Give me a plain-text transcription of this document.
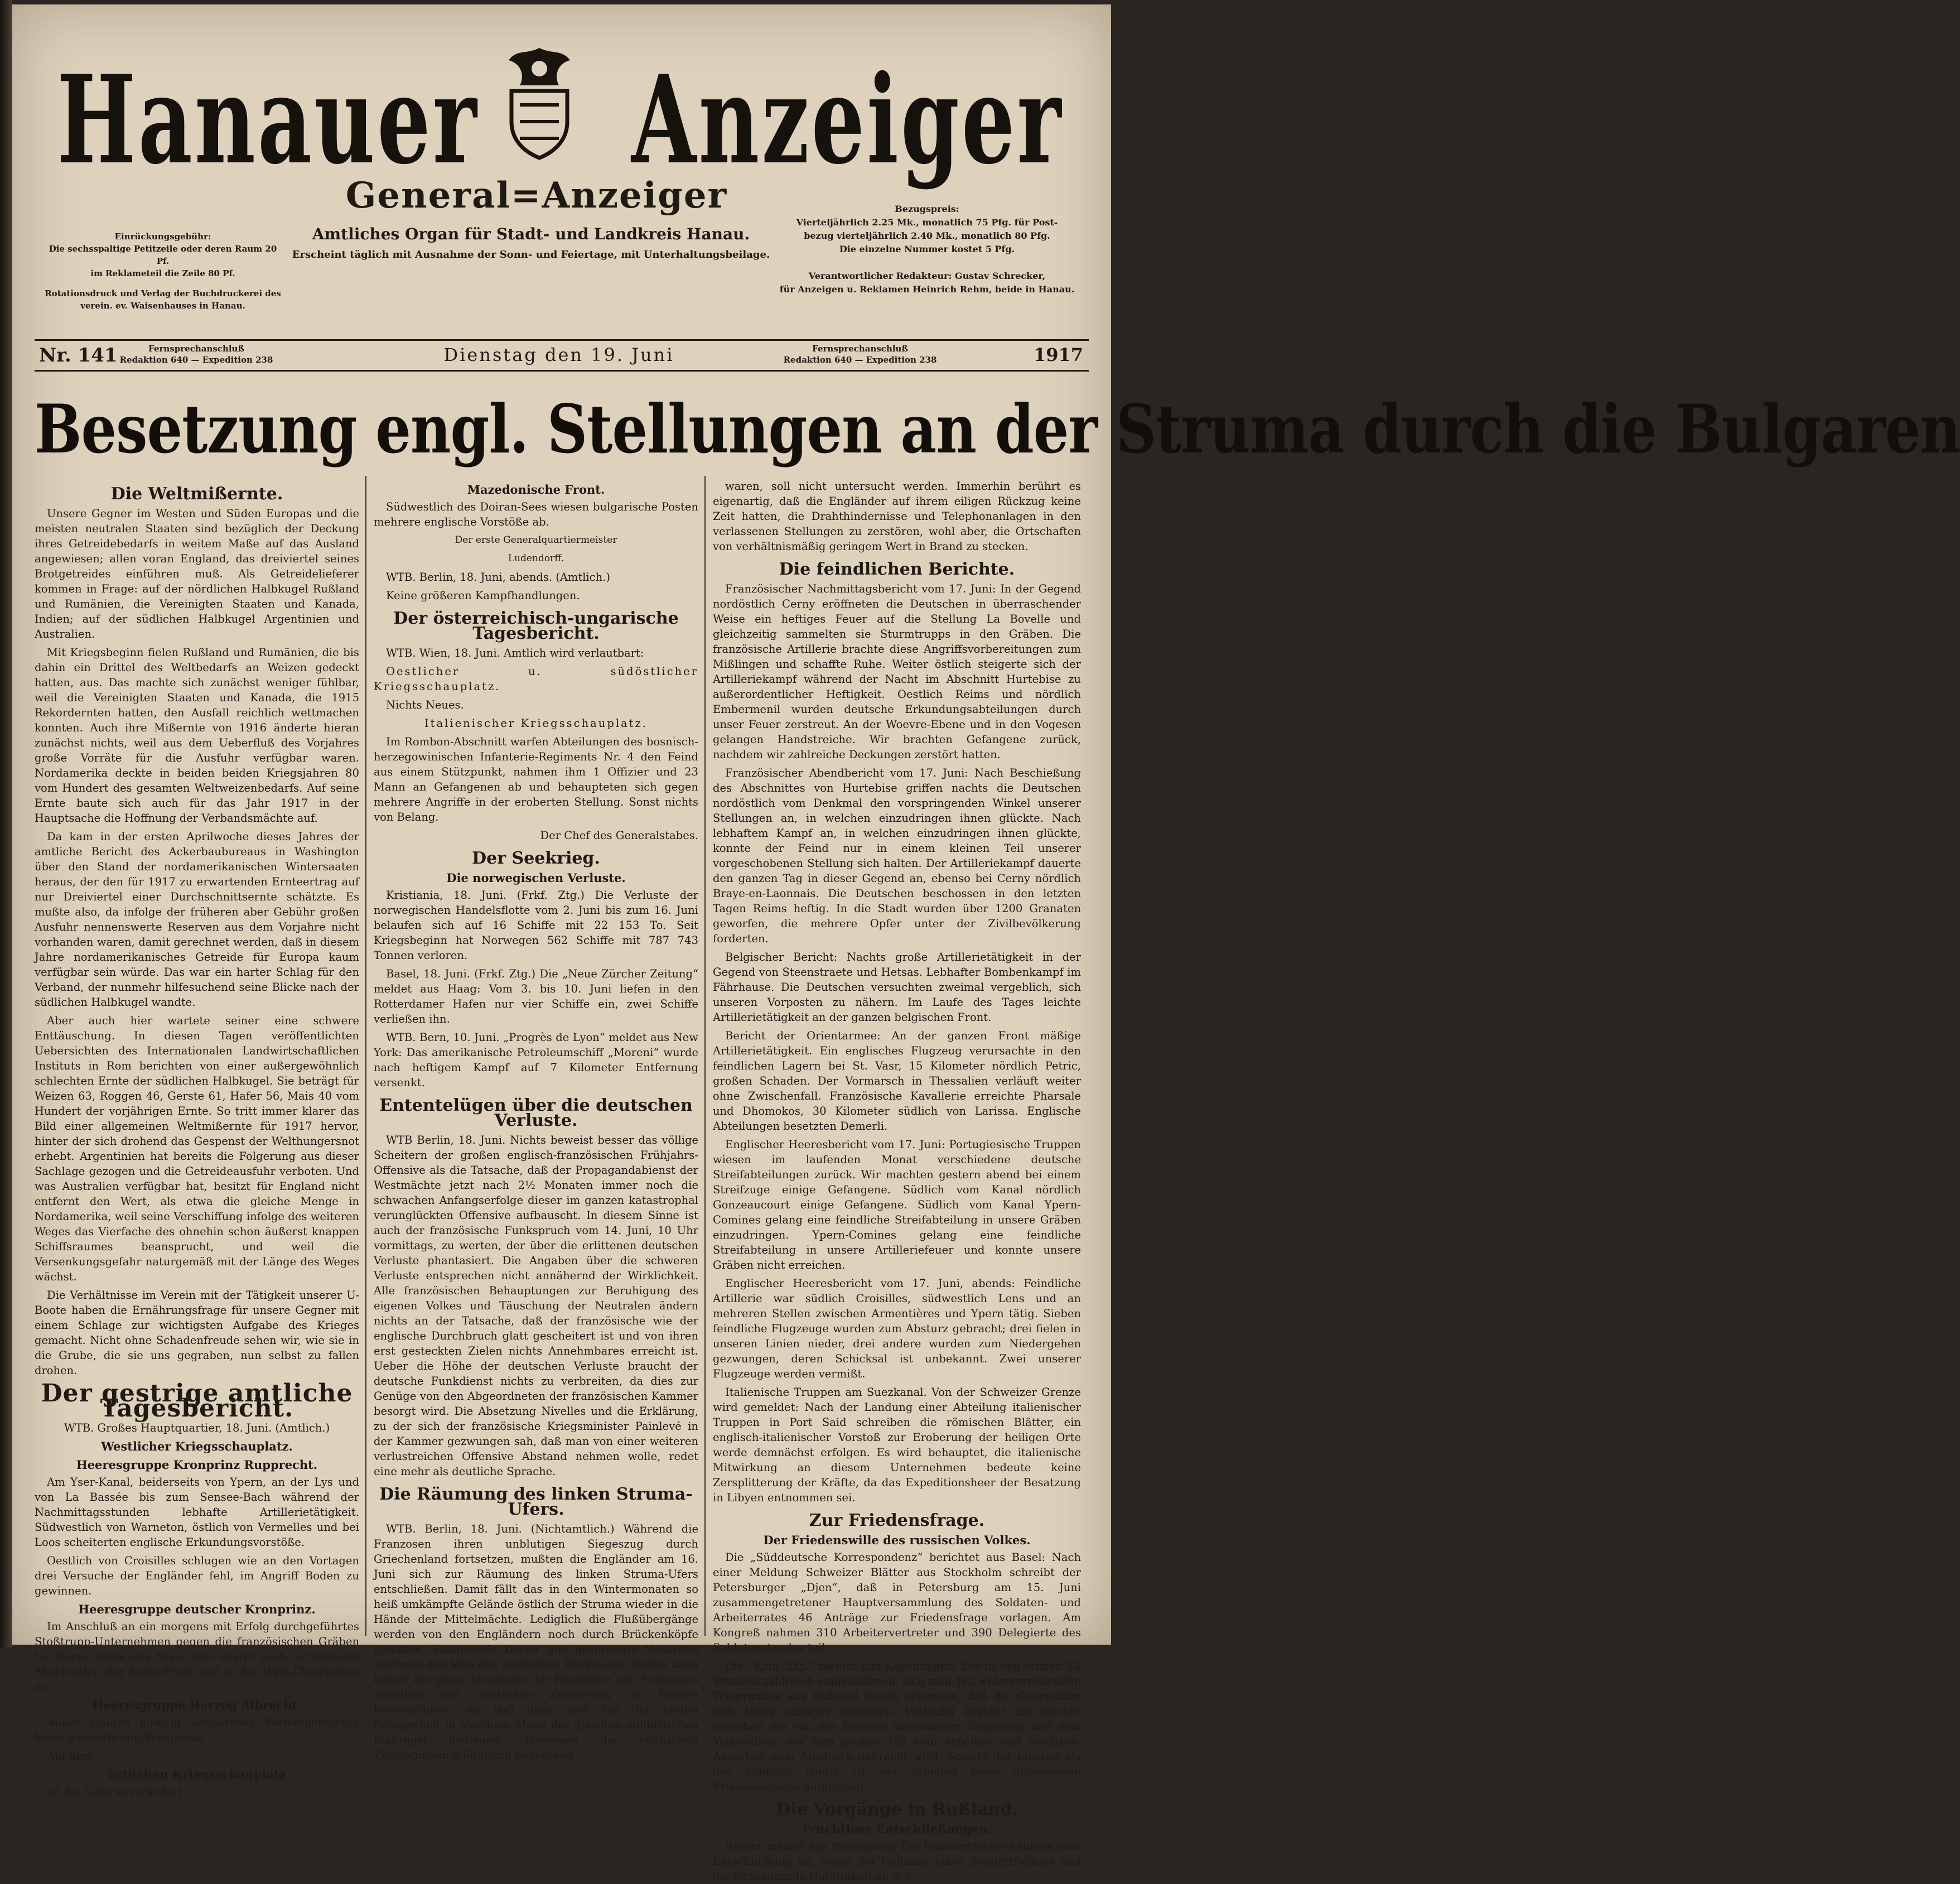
Hanauer Anzeiger
General=Anzeiger
Amtliches Organ für Stadt- und Landkreis Hanau.
Erscheint täglich mit Ausnahme der Sonn- und Feiertage, mit Unterhaltungsbeilage.
Einrückungsgebühr:
Die sechsspaltige Petitzeile oder deren Raum 20 Pf.
im Reklameteil die Zeile 80 Pf.
Rotationsdruck und Verlag der Buchdruckerei des
verein. ev. Waisenhauses in Hanau.
Bezugspreis:
Vierteljährlich 2.25 Mk., monatlich 75 Pfg. für Post-
bezug vierteljährlich 2.40 Mk., monatlich 80 Pfg.
Die einzelne Nummer kostet 5 Pfg.
Verantwortlicher Redakteur: Gustav Schrecker,
für Anzeigen u. Reklamen Heinrich Rehm, beide in Hanau.
Nr. 141	Fernsprechanschluß
Redaktion 640 — Expedition 238	Dienstag den 19. Juni	Fernsprechanschluß
Redaktion 640 — Expedition 238	1917
Besetzung engl. Stellungen an der Struma durch die Bulgaren
Die Weltmißernte.

Unsere Gegner im Westen und Süden Europas und die meisten neutralen Staaten sind bezüglich der Deckung ihres Getreidebedarfs in weitem Maße auf das Ausland angewiesen; allen voran England, das dreiviertel seines Brotgetreides einführen muß. Als Getreidelieferer kommen in Frage: auf der nördlichen Halbkugel Rußland und Rumänien, die Vereinigten Staaten und Kanada, Indien; auf der südlichen Halbkugel Argentinien und Australien.

Mit Kriegsbeginn fielen Rußland und Rumänien, die bis dahin ein Drittel des Weltbedarfs an Weizen gedeckt hatten, aus. Das machte sich zunächst weniger fühlbar, weil die Vereinigten Staaten und Kanada, die 1915 Rekordernten hatten, den Ausfall reichlich wettmachen konnten. Auch ihre Mißernte von 1916 änderte hieran zunächst nichts, weil aus dem Ueberfluß des Vorjahres große Vorräte für die Ausfuhr verfügbar waren. Nordamerika deckte in beiden beiden Kriegsjahren 80 vom Hundert des gesamten Weltweizenbedarfs. Auf seine Ernte baute sich auch für das Jahr 1917 in der Hauptsache die Hoffnung der Verbandsmächte auf.

Da kam in der ersten Aprilwoche dieses Jahres der amtliche Bericht des Ackerbaubureaus in Washington über den Stand der nordamerikanischen Wintersaaten heraus, der den für 1917 zu erwartenden Ernteertrag auf nur Dreiviertel einer Durchschnittsernte schätzte. Es mußte also, da infolge der früheren aber Gebühr großen Ausfuhr nennenswerte Reserven aus dem Vorjahre nicht vorhanden waren, damit gerechnet werden, daß in diesem Jahre nordamerikanisches Getreide für Europa kaum verfügbar sein würde. Das war ein harter Schlag für den Verband, der nunmehr hilfesuchend seine Blicke nach der südlichen Halbkugel wandte.

Aber auch hier wartete seiner eine schwere Enttäuschung. In diesen Tagen veröffentlichten Uebersichten des Internationalen Landwirtschaftlichen Instituts in Rom berichten von einer außergewöhnlich schlechten Ernte der südlichen Halbkugel. Sie beträgt für Weizen 63, Roggen 46, Gerste 61, Hafer 56, Mais 40 vom Hundert der vorjährigen Ernte. So tritt immer klarer das Bild einer allgemeinen Weltmißernte für 1917 hervor, hinter der sich drohend das Gespenst der Welthungersnot erhebt. Argentinien hat bereits die Folgerung aus dieser Sachlage gezogen und die Getreideausfuhr verboten. Und was Australien verfügbar hat, besitzt für England nicht entfernt den Wert, als etwa die gleiche Menge in Nordamerika, weil seine Verschiffung infolge des weiteren Weges das Vierfache des ohnehin schon äußerst knappen Schiffsraumes beansprucht, und weil die Versenkungsgefahr naturgemäß mit der Länge des Weges wächst.

Die Verhältnisse im Verein mit der Tätigkeit unserer U-Boote haben die Ernährungsfrage für unsere Gegner mit einem Schlage zur wichtigsten Aufgabe des Krieges gemacht. Nicht ohne Schadenfreude sehen wir, wie sie in die Grube, die sie uns gegraben, nun selbst zu fallen drohen.

Der gestrige amtliche Tagesbericht.

WTB. Großes Hauptquartier, 18. Juni. (Amtlich.)

Westlicher Kriegsschauplatz.
Heeresgruppe Kronprinz Rupprecht.

Am Yser-Kanal, beiderseits von Ypern, an der Lys und von La Bassée bis zum Sensee-Bach während der Nachmittagsstunden lebhafte Artillerietätigkeit. Südwestlich von Warneton, östlich von Vermelles und bei Loos scheiterten englische Erkundungsvorstöße.

Oestlich von Croisilles schlugen wie an den Vortagen drei Versuche der Engländer fehl, im Angriff Boden zu gewinnen.

Heeresgruppe deutscher Kronprinz.

Im Anschluß an ein morgens mit Erfolg durchgeführtes Stoßtrupp-Unternehmen gegen die französischen Gräben bei Cerny nahm das Feuer hier später auch in breiteren Abschnitten der Aisne-Front und in der West-Champagne zu.

Heeresgruppe Herzog Albrecht.

Außer einigen günstig verlaufenen Vorfeldgefechten keine wesentlichen Ereignisse.

Auf dem

östlichen Kriegsschauplatz

ist die Lage unverändert.

Mazedonische Front.

Südwestlich des Doiran-Sees wiesen bulgarische Posten mehrere englische Vorstöße ab.

Der erste Generalquartiermeister

Ludendorff.

WTB. Berlin, 18. Juni, abends. (Amtlich.)

Keine größeren Kampfhandlungen.

Der österreichisch-ungarische Tagesbericht.

WTB. Wien, 18. Juni. Amtlich wird verlautbart:

Oestlicher u. südöstlicher Kriegsschauplatz.

Nichts Neues.

Italienischer Kriegsschauplatz.

Im Rombon-Abschnitt warfen Abteilungen des bosnisch-herzegowinischen Infanterie-Regiments Nr. 4 den Feind aus einem Stützpunkt, nahmen ihm 1 Offizier und 23 Mann an Gefangenen ab und behaupteten sich gegen mehrere Angriffe in der eroberten Stellung. Sonst nichts von Belang.

Der Chef des Generalstabes.

Der Seekrieg.
Die norwegischen Verluste.

Kristiania, 18. Juni. (Frkf. Ztg.) Die Verluste der norwegischen Handelsflotte vom 2. Juni bis zum 16. Juni belaufen sich auf 16 Schiffe mit 22 153 To. Seit Kriegsbeginn hat Norwegen 562 Schiffe mit 787 743 Tonnen verloren.

Basel, 18. Juni. (Frkf. Ztg.) Die „Neue Zürcher Zeitung“ meldet aus Haag: Vom 3. bis 10. Juni liefen in den Rotterdamer Hafen nur vier Schiffe ein, zwei Schiffe verließen ihn.

WTB. Bern, 10. Juni. „Progrès de Lyon“ meldet aus New York: Das amerikanische Petroleumschiff „Moreni“ wurde nach heftigem Kampf auf 7 Kilometer Entfernung versenkt.

Ententelügen über die deutschen Verluste.

WTB Berlin, 18. Juni. Nichts beweist besser das völlige Scheitern der großen englisch-französischen Frühjahrs-Offensive als die Tatsache, daß der Propagandabienst der Westmächte jetzt nach 2½ Monaten immer noch die schwachen Anfangserfolge dieser im ganzen katastrophal verunglückten Offensive aufbauscht. In diesem Sinne ist auch der französische Funkspruch vom 14. Juni, 10 Uhr vormittags, zu werten, der über die erlittenen deutschen Verluste phantasiert. Die Angaben über die schweren Verluste entsprechen nicht annähernd der Wirklichkeit. Alle französischen Behauptungen zur Beruhigung des eigenen Volkes und Täuschung der Neutralen ändern nichts an der Tatsache, daß der französische wie der englische Durchbruch glatt gescheitert ist und von ihren erst gesteckten Zielen nichts Annehmbares erreicht ist. Ueber die Höhe der deutschen Verluste braucht der deutsche Funkdienst nichts zu verbreiten, da dies zur Genüge von den Abgeordneten der französischen Kammer besorgt wird. Die Absetzung Nivelles und die Erklärung, zu der sich der französische Kriegsminister Painlevé in der Kammer gezwungen sah, daß man von einer weiteren verlustreichen Offensive Abstand nehmen wolle, redet eine mehr als deutliche Sprache.

Die Räumung des linken Struma-Ufers.

WTB. Berlin, 18. Juni. (Nichtamtlich.) Während die Franzosen ihren unblutigen Siegeszug durch Griechenland fortsetzen, mußten die Engländer am 16. Juni sich zur Räumung des linken Struma-Ufers entschließen. Damit fällt das in den Wintermonaten so heiß umkämpfte Gelände östlich der Struma wieder in die Hände der Mittelmächte. Lediglich die Flußübergänge werden von den Engländern noch durch Brückenköpfe gehalten. Flammende Dörfer und gesprengte Minaretts zeichnen den Weg des englischen Rückzuges. Nichts kann besser die ganze Heuchelei der Engländer und Franzosen anläßlich der deutschen Zerstörung im Westen kennzeichnen, als daß diese sich bei der ersten Gelegenheit in gleichem Maße der gleichen militärischen Maßregel bedienen. Inwieweit die englischen Zerstörungen militärisch bedeutend

waren, soll nicht untersucht werden. Immerhin berührt es eigenartig, daß die Engländer auf ihrem eiligen Rückzug keine Zeit hatten, die Drahthindernisse und Telephonanlagen in den verlassenen Stellungen zu zerstören, wohl aber, die Ortschaften von verhältnismäßig geringem Wert in Brand zu stecken.

Die feindlichen Berichte.

Französischer Nachmittagsbericht vom 17. Juni: In der Gegend nordöstlich Cerny eröffneten die Deutschen in überraschender Weise ein heftiges Feuer auf die Stellung La Bovelle und gleichzeitig sammelten sie Sturmtrupps in den Gräben. Die französische Artillerie brachte diese Angriffsvorbereitungen zum Mißlingen und schaffte Ruhe. Weiter östlich steigerte sich der Artilleriekampf während der Nacht im Abschnitt Hurtebise zu außerordentlicher Heftigkeit. Oestlich Reims und nördlich Embermenil wurden deutsche Erkundungsabteilungen durch unser Feuer zerstreut. An der Woevre-Ebene und in den Vogesen gelangen Handstreiche. Wir brachten Gefangene zurück, nachdem wir zahlreiche Deckungen zerstört hatten.

Französischer Abendbericht vom 17. Juni: Nach Beschießung des Abschnittes von Hurtebise griffen nachts die Deutschen nordöstlich vom Denkmal den vorspringenden Winkel unserer Stellungen an, in welchen einzudringen ihnen glückte. Nach lebhaftem Kampf an, in welchen einzudringen ihnen glückte, konnte der Feind nur in einem kleinen Teil unserer vorgeschobenen Stellung sich halten. Der Artilleriekampf dauerte den ganzen Tag in dieser Gegend an, ebenso bei Cerny nördlich Braye-en-Laonnais. Die Deutschen beschossen in den letzten Tagen Reims heftig. In die Stadt wurden über 1200 Granaten geworfen, die mehrere Opfer unter der Zivilbevölkerung forderten.

Belgischer Bericht: Nachts große Artillerietätigkeit in der Gegend von Steenstraete und Hetsas. Lebhafter Bombenkampf im Fährhause. Die Deutschen versuchten zweimal vergeblich, sich unseren Vorposten zu nähern. Im Laufe des Tages leichte Artillerietätigkeit an der ganzen belgischen Front.

Bericht der Orientarmee: An der ganzen Front mäßige Artillerietätigkeit. Ein englisches Flugzeug verursachte in den feindlichen Lagern bei St. Vasr, 15 Kilometer nördlich Petric, großen Schaden. Der Vormarsch in Thessalien verläuft weiter ohne Zwischenfall. Französische Kavallerie erreichte Pharsale und Dhomokos, 30 Kilometer südlich von Larissa. Englische Abteilungen besetzten Demerli.

Englischer Heeresbericht vom 17. Juni: Portugiesische Truppen wiesen im laufenden Monat verschiedene deutsche Streifabteilungen zurück. Wir machten gestern abend bei einem Streifzuge einige Gefangene. Südlich vom Kanal nördlich Gonzeaucourt einige Gefangene. Südlich vom Kanal Ypern-Comines gelang eine feindliche Streifabteilung in unsere Gräben einzudringen. Ypern-Comines gelang eine feindliche Streifabteilung in unsere Artilleriefeuer und konnte unsere Gräben nicht erreichen.

Englischer Heeresbericht vom 17. Juni, abends: Feindliche Artillerie war südlich Croisilles, südwestlich Lens und an mehreren Stellen zwischen Armentières und Ypern tätig. Sieben feindliche Flugzeuge wurden zum Absturz gebracht; drei fielen in unseren Linien nieder, drei andere wurden zum Niedergehen gezwungen, deren Schicksal ist unbekannt. Zwei unserer Flugzeuge werden vermißt.

Italienische Truppen am Suezkanal. Von der Schweizer Grenze wird gemeldet: Nach der Landung einer Abteilung italienischer Truppen in Port Said schreiben die römischen Blätter, ein englisch-italienischer Vorstoß zur Eroberung der heiligen Orte werde demnächst erfolgen. Es wird behauptet, die italienische Mitwirkung an diesem Unternehmen bedeute keine Zersplitterung der Kräfte, da das Expeditionsheer der Besatzung in Libyen entnommen sei.

Zur Friedensfrage.
Der Friedenswille des russischen Volkes.

Die „Süddeutsche Korrespondenz“ berichtet aus Basel: Nach einer Meldung Schweizer Blätter aus Stockholm schreibt der Petersburger „Djen“, daß in Petersburg am 15. Juni zusammengetretener Hauptversammlung des Soldaten- und Arbeiterrates 46 Anträge zur Friedensfrage vorlagen. Am Kongreß nahmen 310 Arbeitervertreter und 390 Delegierte des Soldatenstandes teil.

Die „Köln. Ztg.“ meldet aus Kopenhagen: Die in den letzten 24 Stunden zahlreich eingelaufenen, sich zum Teil widersprechenden Telegramme aus Rußland lassen erkennen, daß die Gegensätze sich stetig schärfer zuspitzen. Vorläufig besteht ein solcher zwischen der von der Entente anerkannten Regierung und dem Volkswillen, der zum großen Teil vom Arbeiter- und Soldaten-Ausschuß zum Ausdruck gebracht wird. Sowohl der inneren als der äußeren Politik ist der Stempel eines allgemeinen Friedenswillens aufgeprägt.

Die Vorgänge in Rußland.
Fruchtlose Entschließungen.

Reuter meldet aus Petersburg: Die Dumavertreter nahmen eine Entschließung an, worin der Gedanke eines Sonderfriedens und die fortdauernde Untätigkeit an der
